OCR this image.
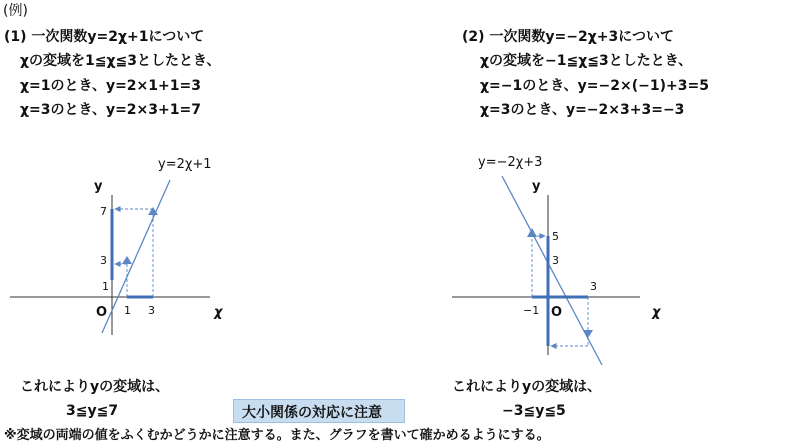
(例)
(1) 一次関数y=2χ+1について
χの変域を1≦χ≦3としたとき、
χ=1のとき、y=2×1+1=3
χ=3のとき、y=2×3+1=7
(2) 一次関数y=−2χ+3について
χの変域を−1≦χ≦3としたとき、
χ=−1のとき、y=−2×(−1)+3=5
χ=3のとき、y=−2×3+3=−3
y=2χ+1
y
7
3
1
O 1 3	χ
y=−2χ+3
y
5
3
−1 O
3
χ
これによりyの変域は、
3≦y≦7
これによりyの変域は、
−3≦y≦5
大小関係の対応に注意
※変域の両端の値をふくむかどうかに注意する。また、グラフを書いて確かめるようにする。
